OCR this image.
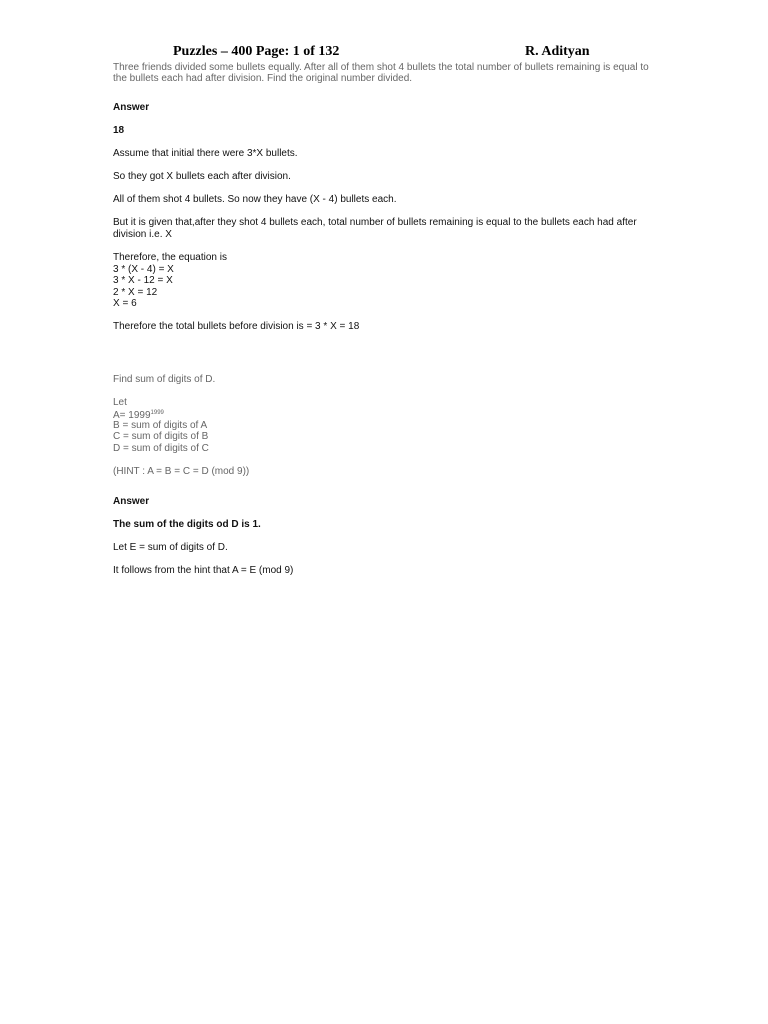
Puzzles – 400 Page: 1 of 132	R. Adityan
Three friends divided some bullets equally. After all of them shot 4 bullets the total number of bullets remaining is equal to
the bullets each had after division. Find the original number divided.
Answer
18
Assume that initial there were 3*X bullets.
So they got X bullets each after division.
All of them shot 4 bullets. So now they have (X - 4) bullets each.
But it is given that,after they shot 4 bullets each, total number of bullets remaining is equal to the bullets each had after
division i.e. X
Therefore, the equation is
3 * (X - 4) = X
3 * X - 12 = X
2 * X = 12
X = 6
Therefore the total bullets before division is = 3 * X = 18
Find sum of digits of D.
Let
$A= 1999^{1999}$
B = sum of digits of A
C = sum of digits of B
D = sum of digits of C
(HINT : A = B = C = D (mod 9))
Answer
The sum of the digits od D is 1.
Let E = sum of digits of D.
It follows from the hint that A = E (mod 9)
